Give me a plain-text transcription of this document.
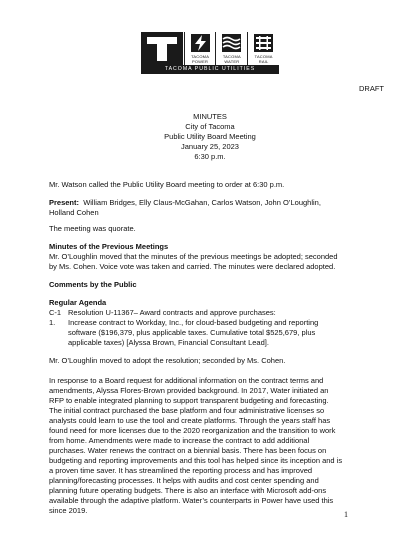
TACOMA
POWER
TACOMA
WATER
TACOMA
RAIL
TACOMA PUBLIC UTILITIES
DRAFT
MINUTES
City of Tacoma
Public Utility Board Meeting
January 25, 2023
6:30 p.m.

Mr. Watson called the Public Utility Board meeting to order at 6:30 p.m.

Present: William Bridges, Elly Claus-McGahan, Carlos Watson, John O’Loughlin,
Holland Cohen

The meeting was quorate.

Minutes of the Previous Meetings
Mr. O’Loughlin moved that the minutes of the previous meetings be adopted; seconded
by Ms. Cohen. Voice vote was taken and carried. The minutes were declared adopted.

Comments by the Public

Regular Agenda
C-1 Resolution U-11367– Award contracts and approve purchases:
1. Increase contract to Workday, Inc., for cloud-based budgeting and reporting
software ($196,379, plus applicable taxes. Cumulative total $525,679, plus
applicable taxes) [Alyssa Brown, Financial Consultant Lead].

Mr. O’Loughlin moved to adopt the resolution; seconded by Ms. Cohen.

In response to a Board request for additional information on the contract terms and
amendments, Alyssa Flores-Brown provided background. In 2017, Water initiated an
RFP to enable integrated planning to support transparent budgeting and forecasting.
The initial contract purchased the base platform and four administrative licenses so
analysts could learn to use the tool and create platforms. Through the years staff has
found need for more licenses due to the 2020 reorganization and the transition to work
from home. Amendments were made to increase the contract to add additional
purchases. Water renews the contract on a biennial basis. There has been focus on
budgeting and reporting improvements and this tool has helped since its inception and is
a proven time saver. It has streamlined the reporting process and has improved
planning/forecasting processes. It helps with audits and cost center spending and
planning future operating budgets. There is also an interface with Microsoft add-ons
available through the adaptive platform. Water’s counterparts in Power have used this
since 2019.	1
